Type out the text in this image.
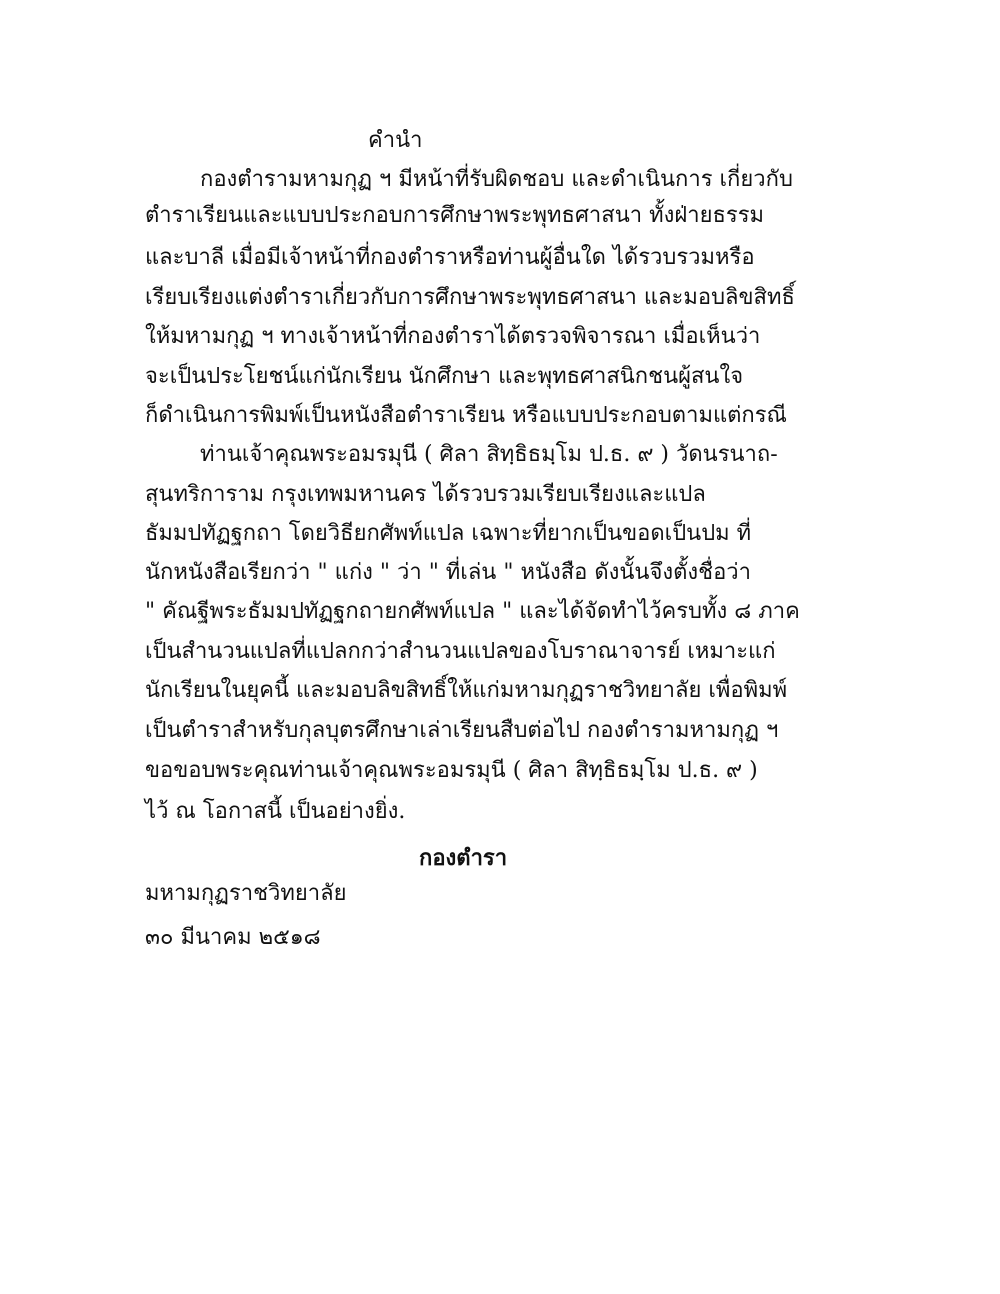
คำนำ
กองตำรามหามกุฏ ฯ มีหน้าที่รับผิดชอบ และดำเนินการ เกี่ยวกับ
ตำราเรียนและแบบประกอบการศึกษาพระพุทธศาสนา ทั้งฝ่ายธรรม
และบาลี เมื่อมีเจ้าหน้าที่กองตำราหรือท่านผู้อื่นใด ได้รวบรวมหรือ
เรียบเรียงแต่งตำราเกี่ยวกับการศึกษาพระพุทธศาสนา และมอบลิขสิทธิ์
ให้มหามกุฏ ฯ ทางเจ้าหน้าที่กองตำราได้ตรวจพิจารณา เมื่อเห็นว่า
จะเป็นประโยชน์แก่นักเรียน นักศึกษา และพุทธศาสนิกชนผู้สนใจ
ก็ดำเนินการพิมพ์เป็นหนังสือตำราเรียน หรือแบบประกอบตามแต่กรณี
ท่านเจ้าคุณพระอมรมุนี ( ศิลา สิทฺธิธมฺโม ป.ธ. ๙ ) วัดนรนาถ-
สุนทริการาม กรุงเทพมหานคร ได้รวบรวมเรียบเรียงและแปล
ธัมมปทัฏฐกถา โดยวิธียกศัพท์แปล เฉพาะที่ยากเป็นขอดเป็นปม ที่
นักหนังสือเรียกว่า " แก่ง " ว่า " ที่เล่น " หนังสือ ดังนั้นจึงตั้งชื่อว่า
" คัณฐีพระธัมมปทัฏฐกถายกศัพท์แปล " และได้จัดทำไว้ครบทั้ง ๘ ภาค
เป็นสำนวนแปลที่แปลกกว่าสำนวนแปลของโบราณาจารย์ เหมาะแก่
นักเรียนในยุคนี้ และมอบลิขสิทธิ์ให้แก่มหามกุฏราชวิทยาลัย เพื่อพิมพ์
เป็นตำราสำหรับกุลบุตรศึกษาเล่าเรียนสืบต่อไป กองตำรามหามกุฏ ฯ
ขอขอบพระคุณท่านเจ้าคุณพระอมรมุนี ( ศิลา สิทฺธิธมฺโม ป.ธ. ๙ )
ไว้ ณ โอกาสนี้ เป็นอย่างยิ่ง.
กองตำรา
มหามกุฏราชวิทยาลัย
๓๐ มีนาคม ๒๕๑๘
